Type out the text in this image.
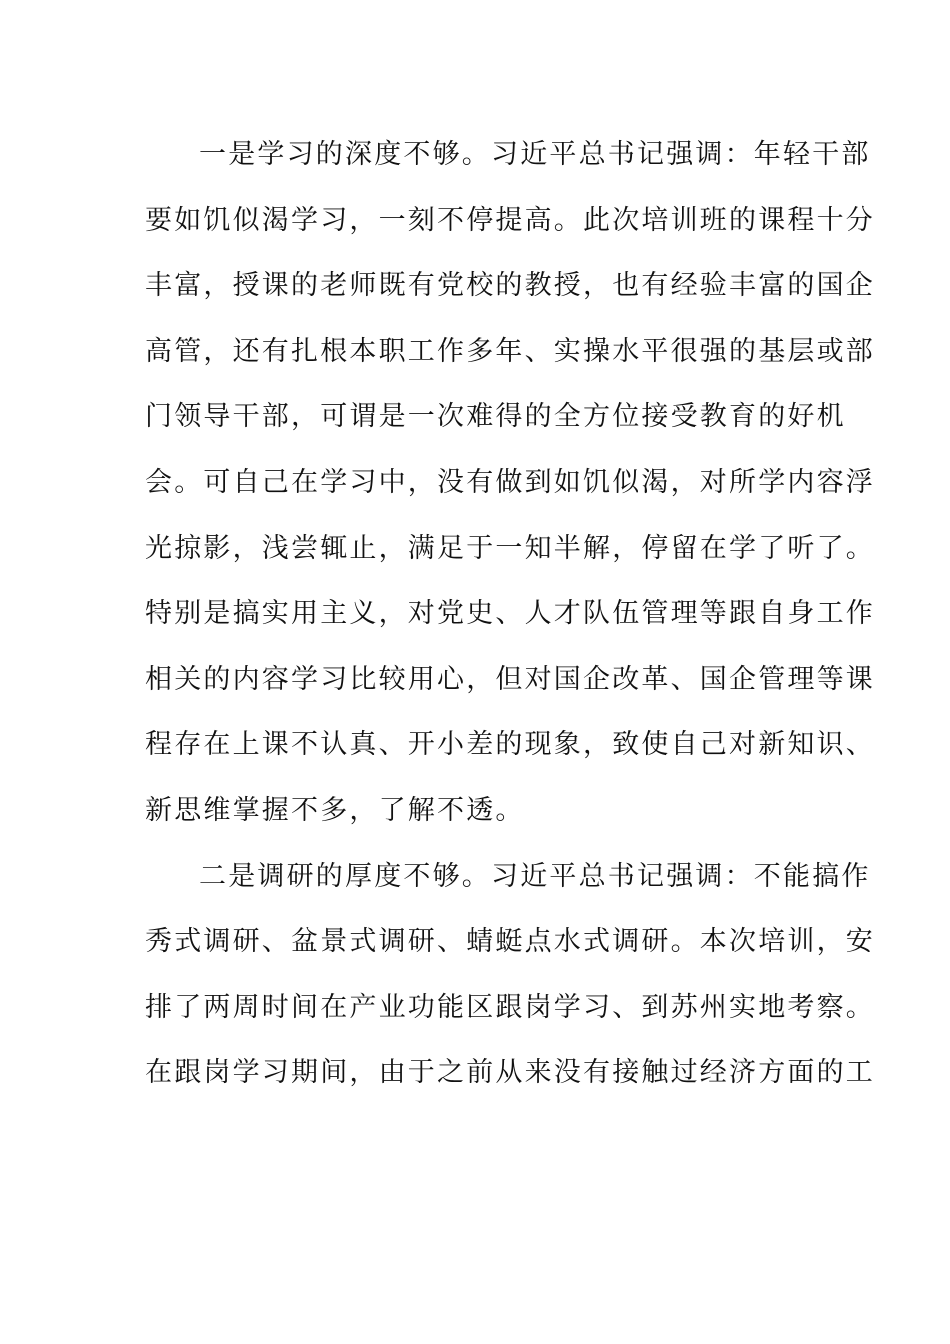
一是学习的深度不够。习近平总书记强调：年轻干部
要如饥似渴学习，一刻不停提高。此次培训班的课程十分
丰富，授课的老师既有党校的教授，也有经验丰富的国企
高管，还有扎根本职工作多年、实操水平很强的基层或部
门领导干部，可谓是一次难得的全方位接受教育的好机
会。可自己在学习中，没有做到如饥似渴，对所学内容浮
光掠影，浅尝辄止，满足于一知半解，停留在学了听了。
特别是搞实用主义，对党史、人才队伍管理等跟自身工作
相关的内容学习比较用心，但对国企改革、国企管理等课
程存在上课不认真、开小差的现象，致使自己对新知识、
新思维掌握不多，了解不透。
二是调研的厚度不够。习近平总书记强调：不能搞作
秀式调研、盆景式调研、蜻蜓点水式调研。本次培训，安
排了两周时间在产业功能区跟岗学习、到苏州实地考察。
在跟岗学习期间，由于之前从来没有接触过经济方面的工
